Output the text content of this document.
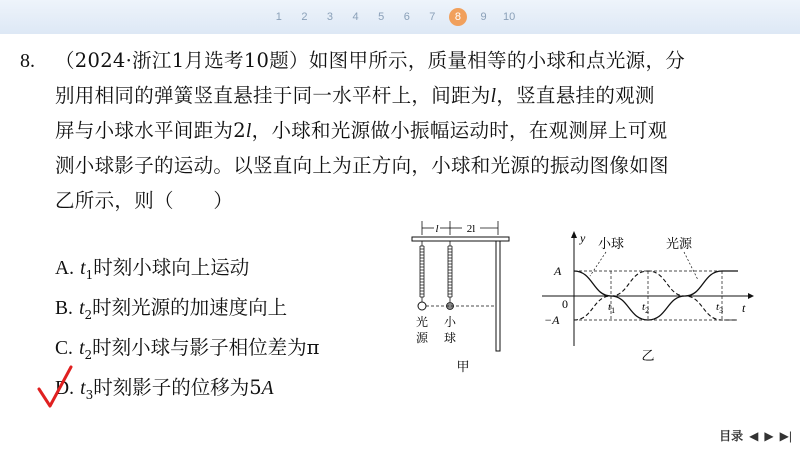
1	2	3	4	5	6	7	8	9	10
8. （2024·浙江1月选考10题）如图甲所示，质量相等的小球和点光源，分
别用相同的弹簧竖直悬挂于同一水平杆上，间距为l，竖直悬挂的观测
屏与小球水平间距为2l，小球和光源做小振幅运动时，在观测屏上可观
测小球影子的运动。以竖直向上为正方向，小球和光源的振动图像如图
乙所示，则（　　）
A. $t_1$时刻小球向上运动
B. $t_2$时刻光源的加速度向上
C. $t_2$时刻小球与影子相位差为π
D. $t_3$时刻影子的位移为5A
l	2l
光
源
小
球
甲
y
t
A
−A
0
小球	光源
$t_1$ $t_2$	$t_3$
乙
目录 ◀ ▶ ▶|
